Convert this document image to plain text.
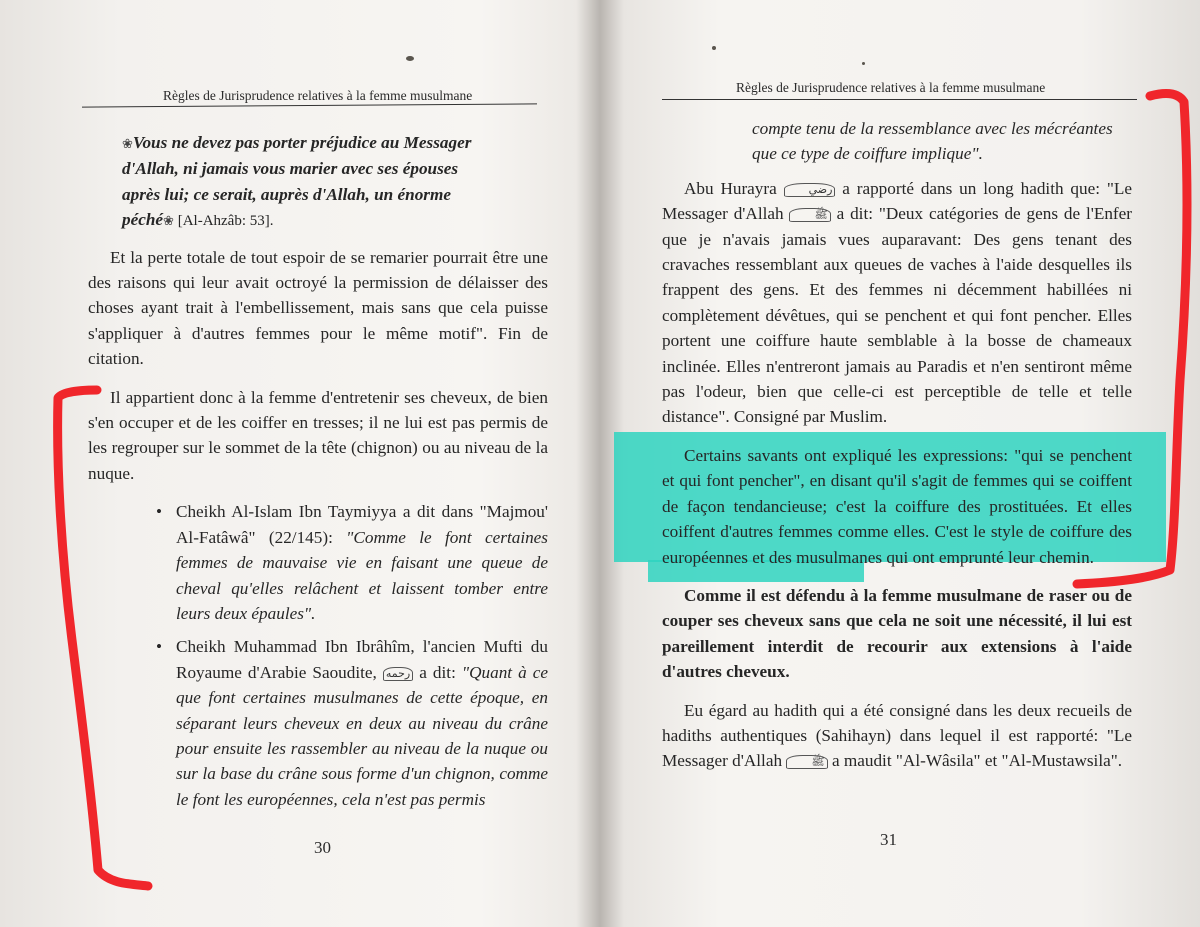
Règles de Jurisprudence relatives à la femme musulmane

❀Vous ne devez pas porter préjudice au Messager
d'Allah, ni jamais vous marier avec ses épouses
après lui; ce serait, auprès d'Allah, un énorme
péché❀ [Al-Ahzâb: 53].

Et la perte totale de tout espoir de se remarier pourrait être une des raisons qui leur avait octroyé la permission de délaisser des choses ayant trait à l'embellissement, mais sans que cela puisse s'appliquer à d'autres femmes pour le même motif". Fin de citation.

Il appartient donc à la femme d'entretenir ses cheveux, de bien s'en occuper et de les coiffer en tresses; il ne lui est pas permis de les regrouper sur le sommet de la tête (chignon) ou au niveau de la nuque.

• Cheikh Al-Islam Ibn Taymiyya a dit dans "Majmou' Al-Fatâwâ" (22/145): "Comme le font certaines femmes de mauvaise vie en faisant une queue de cheval qu'elles relâchent et laissent tomber entre leurs deux épaules".
• Cheikh Muhammad Ibn Ibrâhîm, l'ancien Mufti du Royaume d'Arabie Saoudite, رحمه a dit: "Quant à ce que font certaines musulmanes de cette époque, en séparant leurs cheveux en deux au niveau du crâne pour ensuite les rassembler au niveau de la nuque ou sur la base du crâne sous forme d'un chignon, comme le font les européennes, cela n'est pas permis
30
Règles de Jurisprudence relatives à la femme musulmane

compte tenu de la ressemblance avec les mécréantes
que ce type de coiffure implique".

Abu Hurayra رضي a rapporté dans un long hadith que: "Le Messager d'Allah ﷺ a dit: "Deux catégories de gens de l'Enfer que je n'avais jamais vues auparavant: Des gens tenant des cravaches ressemblant aux queues de vaches à l'aide desquelles ils frappent des gens. Et des femmes ni décemment habillées ni complètement dévêtues, qui se penchent et qui font pencher. Elles portent une coiffure haute semblable à la bosse de chameaux inclinée. Elles n'entreront jamais au Paradis et n'en sentiront même pas l'odeur, bien que celle-ci est perceptible de telle et telle distance". Consigné par Muslim.

Certains savants ont expliqué les expressions: "qui se penchent et qui font pencher", en disant qu'il s'agit de femmes qui se coiffent de façon tendancieuse; c'est la coiffure des prostituées. Et elles coiffent d'autres femmes comme elles. C'est le style de coiffure des européennes et des musulmanes qui ont emprunté leur chemin.

Comme il est défendu à la femme musulmane de raser ou de couper ses cheveux sans que cela ne soit une nécessité, il lui est pareillement interdit de recourir aux extensions à l'aide d'autres cheveux.

Eu égard au hadith qui a été consigné dans les deux recueils de hadiths authentiques (Sahihayn) dans lequel il est rapporté: "Le Messager d'Allah ﷺ a maudit "Al-Wâsila" et "Al-Mustawsila".

31
